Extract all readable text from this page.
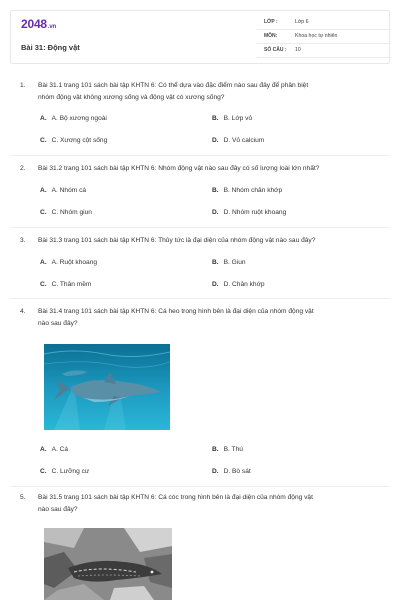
2048.vn
Bài 31: Động vật
LỚP :	Lớp 6
MÔN:	Khoa học tự nhiên
SỐ CÂU : 10
1. Bài 31.1 trang 101 sách bài tập KHTN 6: Có thể dựa vào đặc điểm nào sau đây để phân biệt
nhóm động vật không xương sống và động vật có xương sống?
A. A. Bộ xương ngoài	B. B. Lớp vỏ
C. C. Xương cột sống	D. D. Vỏ calcium
2. Bài 31.2 trang 101 sách bài tập KHTN 6: Nhóm động vật nào sau đây có số lượng loài lớn nhất?
A. A. Nhóm cá	B. B. Nhóm chân khớp
C. C. Nhóm giun	D. D. Nhóm ruột khoang
3. Bài 31.3 trang 101 sách bài tập KHTN 6: Thủy tức là đại diện của nhóm động vật nào sau đây?
A. A. Ruột khoang	B. B. Giun
C. C. Thân mềm	D. D. Chân khớp
4. Bài 31.4 trang 101 sách bài tập KHTN 6: Cá heo trong hình bên là đại diện của nhóm động vật
nào sau đây?
A. A. Cá	B. B. Thú
C. C. Lưỡng cư	D. D. Bò sát
5. Bài 31.5 trang 101 sách bài tập KHTN 6: Cá cóc trong hình bên là đại diện của nhóm động vật
nào sau đây?
